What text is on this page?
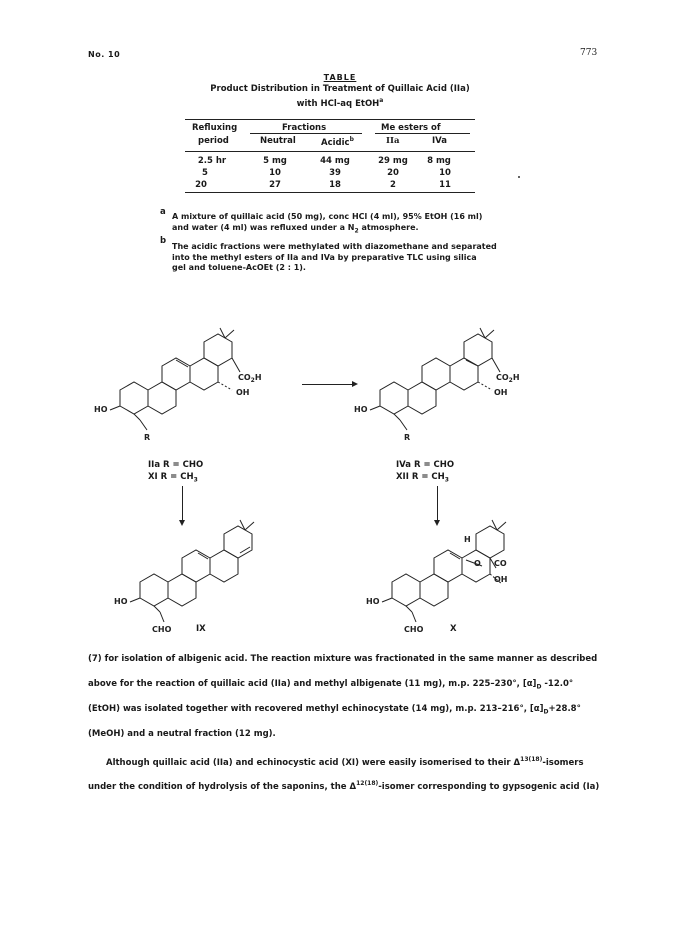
No. 10	773
TABLE
Product Distribution in Treatment of Quillaic Acid (IIa)
with HCl-aq EtOH$^a$
Refluxing
period
Fractions
Neutral	Acidic$^b$
Me esters of
IIa	IVa
2.5 hr	5 mg	44 mg	29 mg	8 mg
5	10	39	20	10
20	27	18	2	11
a A mixture of quillaic acid (50 mg), conc HCl (4 ml), 95% EtOH (16 ml)
and water (4 ml) was refluxed under a $N_2$ atmosphere.
b
The acidic fractions were methylated with diazomethane and separated
into the methyl esters of IIa and IVa by preparative TLC using silica
gel and toluene-AcOEt (2 : 1).
$CO_2H$
OH
HO
R
$CO_2H$
OH
HO
R
IIa R = CHO
XI $R = CH_3$
IVa R = CHO
XII $R = CH_3$
HO
CHO	IX
H
O CO
OH
HO
CHO	X
(7) for isolation of albigenic acid. The reaction mixture was fractionated in the same manner as described
above for the reaction of quillaic acid (IIa) and methyl albigenate (11 mg), m.p. 225–230°, $[\alpha]_D$ -12.0°
(EtOH) was isolated together with recovered methyl echinocystate (14 mg), m.p. 213–216°, $[\alpha]_D+28.8^\circ$
(MeOH) and a neutral fraction (12 mg).
Although quillaic acid (IIa) and echinocystic acid (XI) were easily isomerised to their $\Delta^{13(18)}$-isomers
under the condition of hydrolysis of the saponins, the $\Delta^{12(18)}$-isomer corresponding to gypsogenic acid (Ia)
